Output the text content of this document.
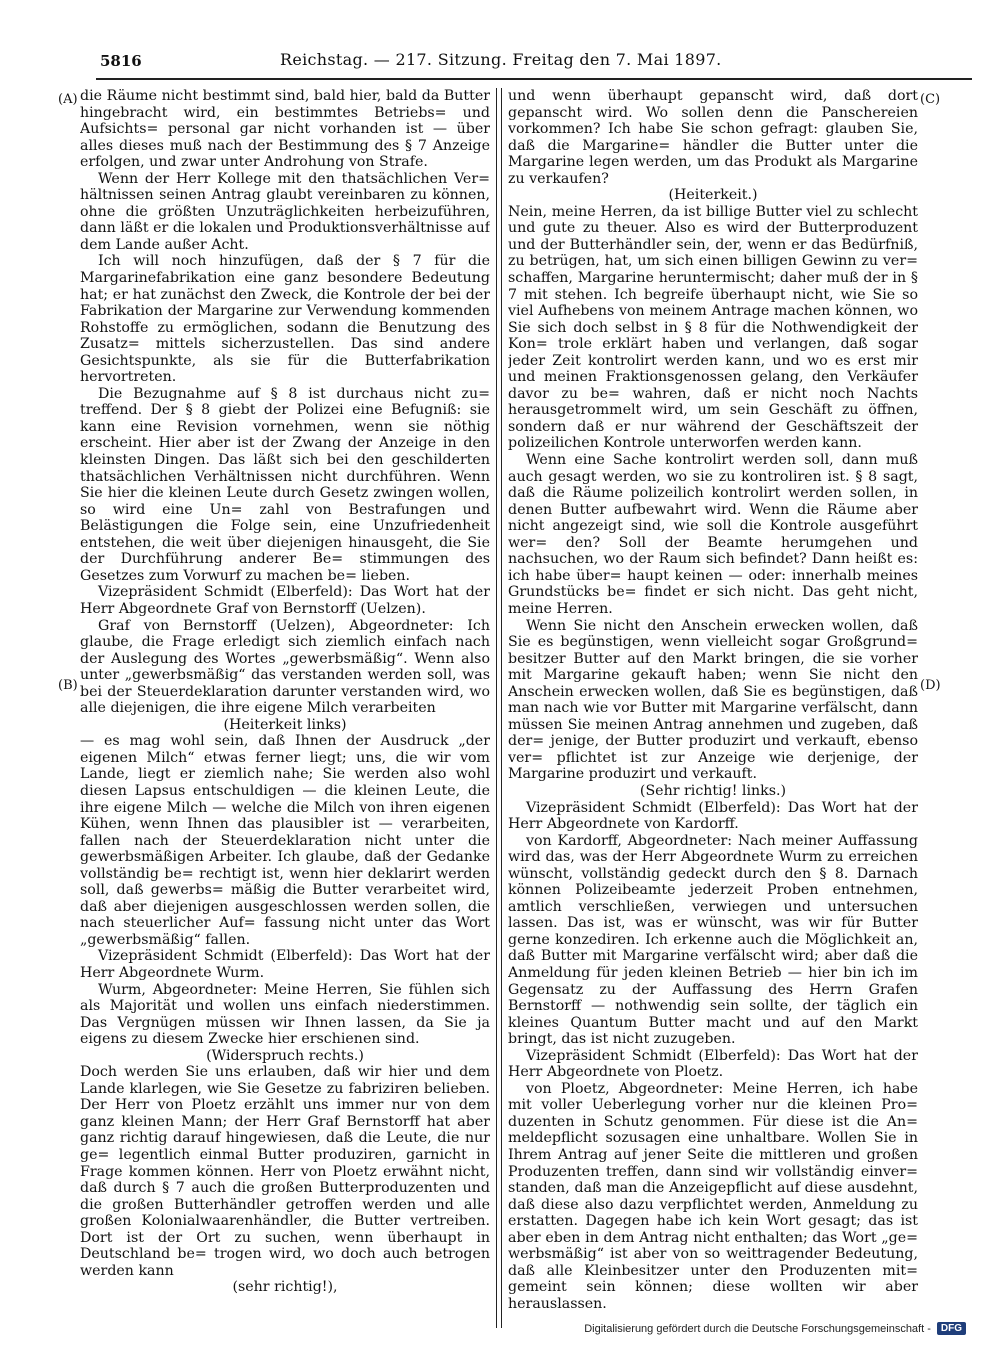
5816	Reichstag. — 217. Sitzung. Freitag den 7. Mai 1897.
(A)
(B)
(C)
(D)

die Räume nicht bestimmt sind, bald hier, bald da Butter hingebracht wird, ein bestimmtes Betriebs= und Aufsichts= personal gar nicht vorhanden ist — über alles dieses muß nach der Bestimmung des § 7 Anzeige erfolgen, und zwar unter Androhung von Strafe.

Wenn der Herr Kollege mit den thatsächlichen Ver= hältnissen seinen Antrag glaubt vereinbaren zu können, ohne die größten Unzuträglichkeiten herbeizuführen, dann läßt er die lokalen und Produktionsverhältnisse auf dem Lande außer Acht.

Ich will noch hinzufügen, daß der § 7 für die Margarinefabrikation eine ganz besondere Bedeutung hat; er hat zunächst den Zweck, die Kontrole der bei der Fabrikation der Margarine zur Verwendung kommenden Rohstoffe zu ermöglichen, sodann die Benutzung des Zusatz= mittels sicherzustellen. Das sind andere Gesichtspunkte, als sie für die Butterfabrikation hervortreten.

Die Bezugnahme auf § 8 ist durchaus nicht zu= treffend. Der § 8 giebt der Polizei eine Befugniß: sie kann eine Revision vornehmen, wenn sie nöthig erscheint. Hier aber ist der Zwang der Anzeige in den kleinsten Dingen. Das läßt sich bei den geschilderten thatsächlichen Verhältnissen nicht durchführen. Wenn Sie hier die kleinen Leute durch Gesetz zwingen wollen, so wird eine Un= zahl von Bestrafungen und Belästigungen die Folge sein, eine Unzufriedenheit entstehen, die weit über diejenigen hinausgeht, die Sie der Durchführung anderer Be= stimmungen des Gesetzes zum Vorwurf zu machen be= lieben.

Vizepräsident Schmidt (Elberfeld): Das Wort hat der Herr Abgeordnete Graf von Bernstorff (Uelzen).

Graf von Bernstorff (Uelzen), Abgeordneter: Ich glaube, die Frage erledigt sich ziemlich einfach nach der Auslegung des Wortes „gewerbsmäßig“. Wenn also unter „gewerbsmäßig“ das verstanden werden soll, was bei der Steuerdeklaration darunter verstanden wird, wo alle diejenigen, die ihre eigene Milch verarbeiten

(Heiterkeit links)

— es mag wohl sein, daß Ihnen der Ausdruck „der eigenen Milch“ etwas ferner liegt; uns, die wir vom Lande, liegt er ziemlich nahe; Sie werden also wohl diesen Lapsus entschuldigen — die kleinen Leute, die ihre eigene Milch — welche die Milch von ihren eigenen Kühen, wenn Ihnen das plausibler ist — verarbeiten, fallen nach der Steuerdeklaration nicht unter die gewerbsmäßigen Arbeiter. Ich glaube, daß der Gedanke vollständig be= rechtigt ist, wenn hier deklarirt werden soll, daß gewerbs= mäßig die Butter verarbeitet wird, daß aber diejenigen ausgeschlossen werden sollen, die nach steuerlicher Auf= fassung nicht unter das Wort „gewerbsmäßig“ fallen.

Vizepräsident Schmidt (Elberfeld): Das Wort hat der Herr Abgeordnete Wurm.

Wurm, Abgeordneter: Meine Herren, Sie fühlen sich als Majorität und wollen uns einfach niederstimmen. Das Vergnügen müssen wir Ihnen lassen, da Sie ja eigens zu diesem Zwecke hier erschienen sind.

(Widerspruch rechts.)

Doch werden Sie uns erlauben, daß wir hier und dem Lande klarlegen, wie Sie Gesetze zu fabriziren belieben. Der Herr von Ploetz erzählt uns immer nur von dem ganz kleinen Mann; der Herr Graf Bernstorff hat aber ganz richtig darauf hingewiesen, daß die Leute, die nur ge= legentlich einmal Butter produziren, garnicht in Frage kommen können. Herr von Ploetz erwähnt nicht, daß durch § 7 auch die großen Butterproduzenten und die großen Butterhändler getroffen werden und alle großen Kolonialwaarenhändler, die Butter vertreiben. Dort ist der Ort zu suchen, wenn überhaupt in Deutschland be= trogen wird, wo doch auch betrogen werden kann

(sehr richtig!),

und wenn überhaupt gepanscht wird, daß dort gepanscht wird. Wo sollen denn die Panschereien vorkommen? Ich habe Sie schon gefragt: glauben Sie, daß die Margarine= händler die Butter unter die Margarine legen werden, um das Produkt als Margarine zu verkaufen?

(Heiterkeit.)

Nein, meine Herren, da ist billige Butter viel zu schlecht und gute zu theuer. Also es wird der Butterproduzent und der Butterhändler sein, der, wenn er das Bedürfniß, zu betrügen, hat, um sich einen billigen Gewinn zu ver= schaffen, Margarine heruntermischt; daher muß der in § 7 mit stehen. Ich begreife überhaupt nicht, wie Sie so viel Aufhebens von meinem Antrage machen können, wo Sie sich doch selbst in § 8 für die Nothwendigkeit der Kon= trole erklärt haben und verlangen, daß sogar jeder Zeit kontrolirt werden kann, und wo es erst mir und meinen Fraktionsgenossen gelang, den Verkäufer davor zu be= wahren, daß er nicht noch Nachts herausgetrommelt wird, um sein Geschäft zu öffnen, sondern daß er nur während der Geschäftszeit der polizeilichen Kontrole unterworfen werden kann.

Wenn eine Sache kontrolirt werden soll, dann muß auch gesagt werden, wo sie zu kontroliren ist. § 8 sagt, daß die Räume polizeilich kontrolirt werden sollen, in denen Butter aufbewahrt wird. Wenn die Räume aber nicht angezeigt sind, wie soll die Kontrole ausgeführt wer= den? Soll der Beamte herumgehen und nachsuchen, wo der Raum sich befindet? Dann heißt es: ich habe über= haupt keinen — oder: innerhalb meines Grundstücks be= findet er sich nicht. Das geht nicht, meine Herren.

Wenn Sie nicht den Anschein erwecken wollen, daß Sie es begünstigen, wenn vielleicht sogar Großgrund= besitzer Butter auf den Markt bringen, die sie vorher mit Margarine gekauft haben; wenn Sie nicht den Anschein erwecken wollen, daß Sie es begünstigen, daß man nach wie vor Butter mit Margarine verfälscht, dann müssen Sie meinen Antrag annehmen und zugeben, daß der= jenige, der Butter produzirt und verkauft, ebenso ver= pflichtet ist zur Anzeige wie derjenige, der Margarine produzirt und verkauft.

(Sehr richtig! links.)

Vizepräsident Schmidt (Elberfeld): Das Wort hat der Herr Abgeordnete von Kardorff.

von Kardorff, Abgeordneter: Nach meiner Auffassung wird das, was der Herr Abgeordnete Wurm zu erreichen wünscht, vollständig gedeckt durch den § 8. Darnach können Polizeibeamte jederzeit Proben entnehmen, amtlich verschließen, verwiegen und untersuchen lassen. Das ist, was er wünscht, was wir für Butter gerne konzediren. Ich erkenne auch die Möglichkeit an, daß Butter mit Margarine verfälscht wird; aber daß die Anmeldung für jeden kleinen Betrieb — hier bin ich im Gegensatz zu der Auffassung des Herrn Grafen Bernstorff — nothwendig sein sollte, der täglich ein kleines Quantum Butter macht und auf den Markt bringt, das ist nicht zuzugeben.

Vizepräsident Schmidt (Elberfeld): Das Wort hat der Herr Abgeordnete von Ploetz.

von Ploetz, Abgeordneter: Meine Herren, ich habe mit voller Ueberlegung vorher nur die kleinen Pro= duzenten in Schutz genommen. Für diese ist die An= meldepflicht sozusagen eine unhaltbare. Wollen Sie in Ihrem Antrag auf jener Seite die mittleren und großen Produzenten treffen, dann sind wir vollständig einver= standen, daß man die Anzeigepflicht auf diese ausdehnt, daß diese also dazu verpflichtet werden, Anmeldung zu erstatten. Dagegen habe ich kein Wort gesagt; das ist aber eben in dem Antrag nicht enthalten; das Wort „ge= werbsmäßig“ ist aber von so weittragender Bedeutung, daß alle Kleinbesitzer unter den Produzenten mit= gemeint sein können; diese wollten wir aber herauslassen.

Digitalisierung gefördert durch die Deutsche Forschungsgemeinschaft -	DFG
